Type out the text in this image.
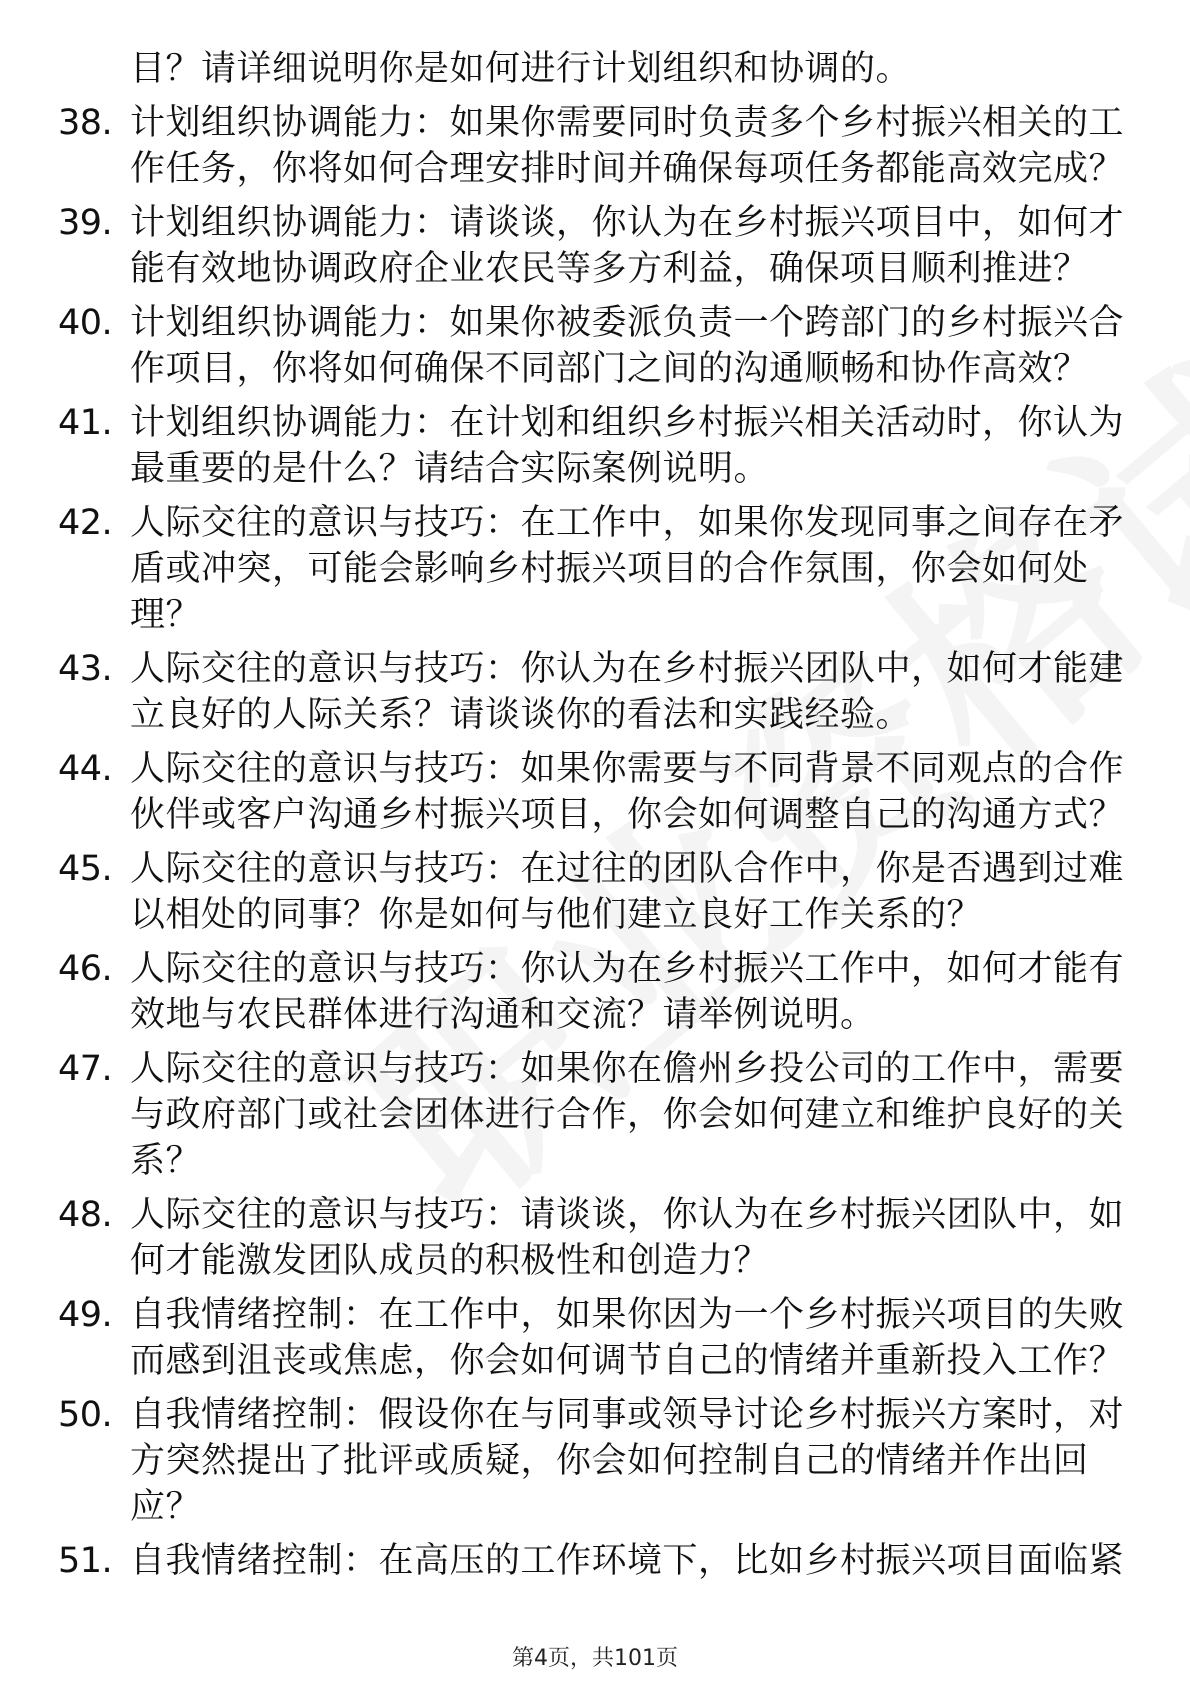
目？请详细说明你是如何进行计划组织和协调的。
38. 计划组织协调能力：如果你需要同时负责多个乡村振兴相关的工
作任务，你将如何合理安排时间并确保每项任务都能高效完成？
39. 计划组织协调能力：请谈谈，你认为在乡村振兴项目中，如何才
能有效地协调政府企业农民等多方利益，确保项目顺利推进？
40. 计划组织协调能力：如果你被委派负责一个跨部门的乡村振兴合
作项目，你将如何确保不同部门之间的沟通顺畅和协作高效？
41. 计划组织协调能力：在计划和组织乡村振兴相关活动时，你认为
最重要的是什么？请结合实际案例说明。
42. 人际交往的意识与技巧：在工作中，如果你发现同事之间存在矛
盾或冲突，可能会影响乡村振兴项目的合作氛围，你会如何处
理？
43. 人际交往的意识与技巧：你认为在乡村振兴团队中，如何才能建
立良好的人际关系？请谈谈你的看法和实践经验。
44. 人际交往的意识与技巧：如果你需要与不同背景不同观点的合作
伙伴或客户沟通乡村振兴项目，你会如何调整自己的沟通方式？
45. 人际交往的意识与技巧：在过往的团队合作中，你是否遇到过难
以相处的同事？你是如何与他们建立良好工作关系的？
46. 人际交往的意识与技巧：你认为在乡村振兴工作中，如何才能有
效地与农民群体进行沟通和交流？请举例说明。
47. 人际交往的意识与技巧：如果你在儋州乡投公司的工作中，需要
与政府部门或社会团体进行合作，你会如何建立和维护良好的关
系？
48. 人际交往的意识与技巧：请谈谈，你认为在乡村振兴团队中，如
何才能激发团队成员的积极性和创造力？
49. 自我情绪控制：在工作中，如果你因为一个乡村振兴项目的失败
而感到沮丧或焦虑，你会如何调节自己的情绪并重新投入工作？
50. 自我情绪控制：假设你在与同事或领导讨论乡村振兴方案时，对
方突然提出了批评或质疑，你会如何控制自己的情绪并作出回
应？
51. 自我情绪控制：在高压的工作环境下，比如乡村振兴项目面临紧
第4页，共101页
